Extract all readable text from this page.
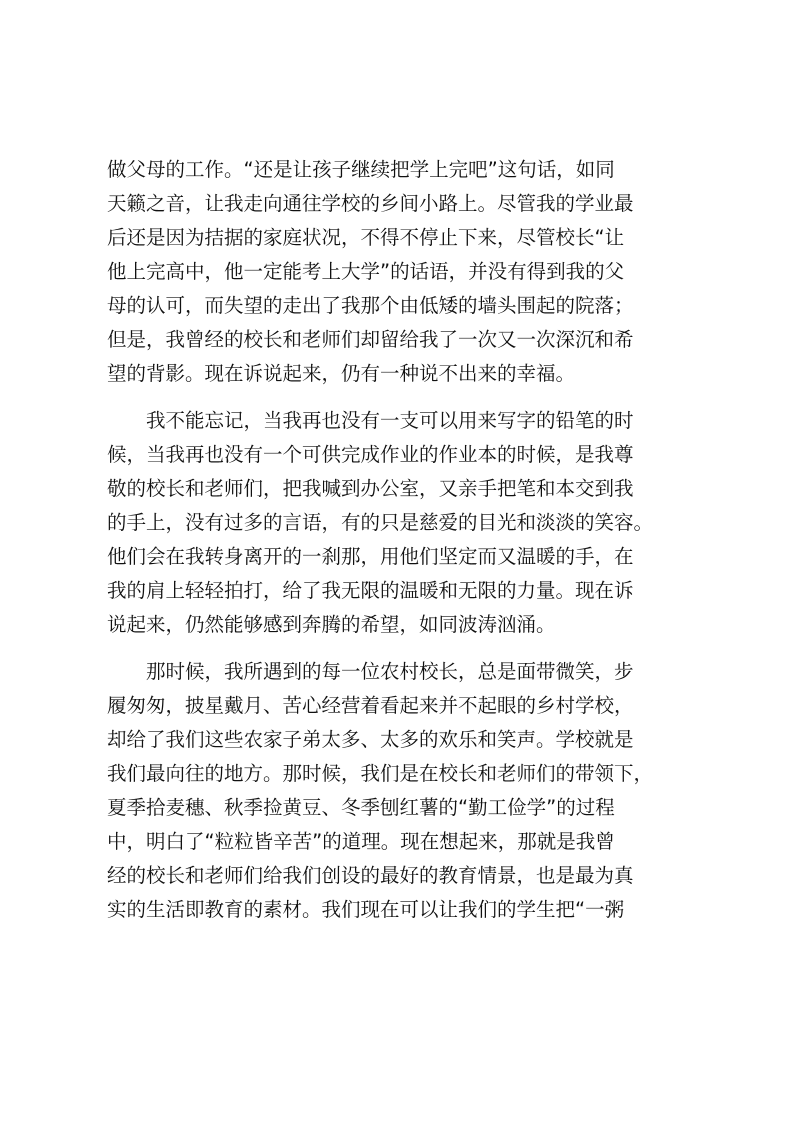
做父母的工作。“还是让孩子继续把学上完吧”这句话，如同
天籁之音，让我走向通往学校的乡间小路上。尽管我的学业最
后还是因为拮据的家庭状况，不得不停止下来，尽管校长“让
他上完高中，他一定能考上大学”的话语，并没有得到我的父
母的认可，而失望的走出了我那个由低矮的墙头围起的院落；
但是，我曾经的校长和老师们却留给我了一次又一次深沉和希
望的背影。现在诉说起来，仍有一种说不出来的幸福。
我不能忘记，当我再也没有一支可以用来写字的铅笔的时
候，当我再也没有一个可供完成作业的作业本的时候，是我尊
敬的校长和老师们，把我喊到办公室，又亲手把笔和本交到我
的手上，没有过多的言语，有的只是慈爱的目光和淡淡的笑容。
他们会在我转身离开的一刹那，用他们坚定而又温暖的手，在
我的肩上轻轻拍打，给了我无限的温暖和无限的力量。现在诉
说起来，仍然能够感到奔腾的希望，如同波涛汹涌。
那时候，我所遇到的每一位农村校长，总是面带微笑，步
履匆匆，披星戴月、苦心经营着看起来并不起眼的乡村学校，
却给了我们这些农家子弟太多、太多的欢乐和笑声。学校就是
我们最向往的地方。那时候，我们是在校长和老师们的带领下，
夏季拾麦穗、秋季捡黄豆、冬季刨红薯的“勤工俭学”的过程
中，明白了“粒粒皆辛苦”的道理。现在想起来，那就是我曾
经的校长和老师们给我们创设的最好的教育情景，也是最为真
实的生活即教育的素材。我们现在可以让我们的学生把“一粥
